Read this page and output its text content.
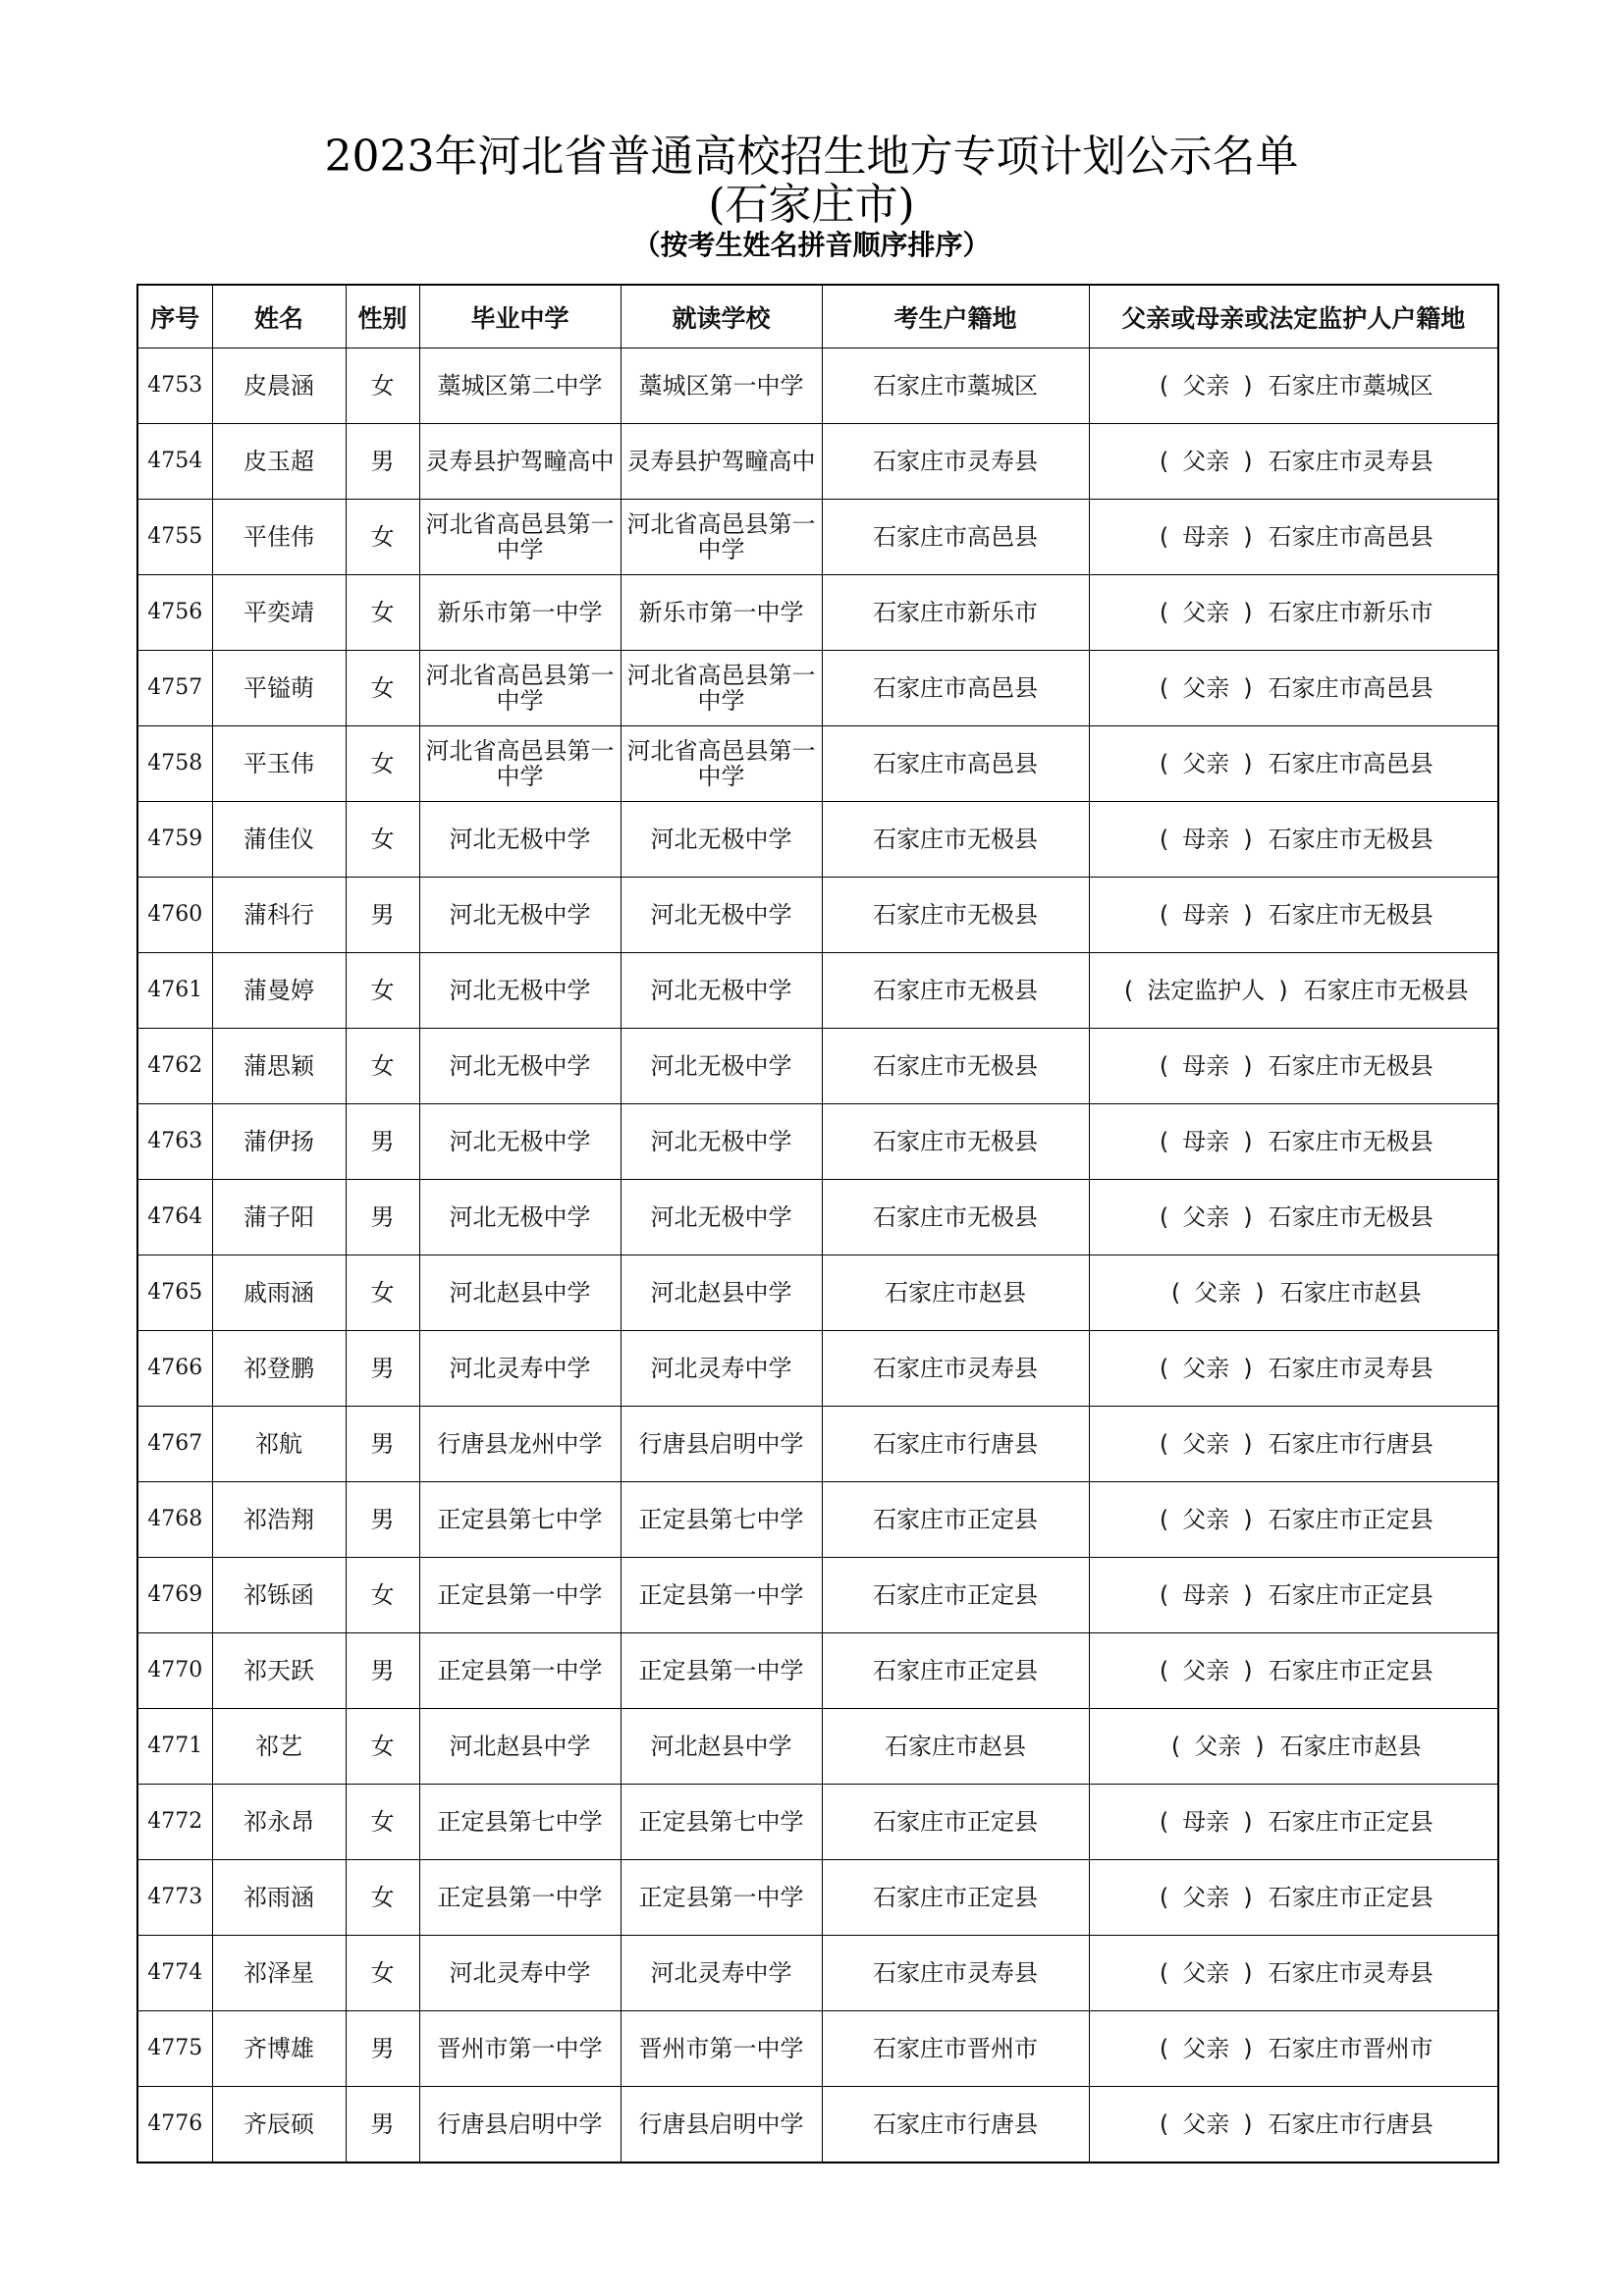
2023年河北省普通高校招生地方专项计划公示名单
(石家庄市)
（按考生姓名拼音顺序排序）
序号	姓名	性别	毕业中学	就读学校	考生户籍地	父亲或母亲或法定监护人户籍地
4753	皮晨涵	女	藁城区第二中学	藁城区第一中学	石家庄市藁城区	( 父亲 ) 石家庄市藁城区
4754	皮玉超	男	灵寿县护驾疃高中	灵寿县护驾疃高中	石家庄市灵寿县	( 父亲 ) 石家庄市灵寿县
4755	平佳伟	女	河北省高邑县第一中学	河北省高邑县第一中学	石家庄市高邑县	( 母亲 ) 石家庄市高邑县
4756	平奕靖	女	新乐市第一中学	新乐市第一中学	石家庄市新乐市	( 父亲 ) 石家庄市新乐市
4757	平镒萌	女	河北省高邑县第一中学	河北省高邑县第一中学	石家庄市高邑县	( 父亲 ) 石家庄市高邑县
4758	平玉伟	女	河北省高邑县第一中学	河北省高邑县第一中学	石家庄市高邑县	( 父亲 ) 石家庄市高邑县
4759	蒲佳仪	女	河北无极中学	河北无极中学	石家庄市无极县	( 母亲 ) 石家庄市无极县
4760	蒲科行	男	河北无极中学	河北无极中学	石家庄市无极县	( 母亲 ) 石家庄市无极县
4761	蒲曼婷	女	河北无极中学	河北无极中学	石家庄市无极县	( 法定监护人 ) 石家庄市无极县
4762	蒲思颖	女	河北无极中学	河北无极中学	石家庄市无极县	( 母亲 ) 石家庄市无极县
4763	蒲伊扬	男	河北无极中学	河北无极中学	石家庄市无极县	( 母亲 ) 石家庄市无极县
4764	蒲子阳	男	河北无极中学	河北无极中学	石家庄市无极县	( 父亲 ) 石家庄市无极县
4765	戚雨涵	女	河北赵县中学	河北赵县中学	石家庄市赵县	( 父亲 ) 石家庄市赵县
4766	祁登鹏	男	河北灵寿中学	河北灵寿中学	石家庄市灵寿县	( 父亲 ) 石家庄市灵寿县
4767	祁航	男	行唐县龙州中学	行唐县启明中学	石家庄市行唐县	( 父亲 ) 石家庄市行唐县
4768	祁浩翔	男	正定县第七中学	正定县第七中学	石家庄市正定县	( 父亲 ) 石家庄市正定县
4769	祁铄函	女	正定县第一中学	正定县第一中学	石家庄市正定县	( 母亲 ) 石家庄市正定县
4770	祁天跃	男	正定县第一中学	正定县第一中学	石家庄市正定县	( 父亲 ) 石家庄市正定县
4771	祁艺	女	河北赵县中学	河北赵县中学	石家庄市赵县	( 父亲 ) 石家庄市赵县
4772	祁永昂	女	正定县第七中学	正定县第七中学	石家庄市正定县	( 母亲 ) 石家庄市正定县
4773	祁雨涵	女	正定县第一中学	正定县第一中学	石家庄市正定县	( 父亲 ) 石家庄市正定县
4774	祁泽星	女	河北灵寿中学	河北灵寿中学	石家庄市灵寿县	( 父亲 ) 石家庄市灵寿县
4775	齐博雄	男	晋州市第一中学	晋州市第一中学	石家庄市晋州市	( 父亲 ) 石家庄市晋州市
4776	齐辰硕	男	行唐县启明中学	行唐县启明中学	石家庄市行唐县	( 父亲 ) 石家庄市行唐县
